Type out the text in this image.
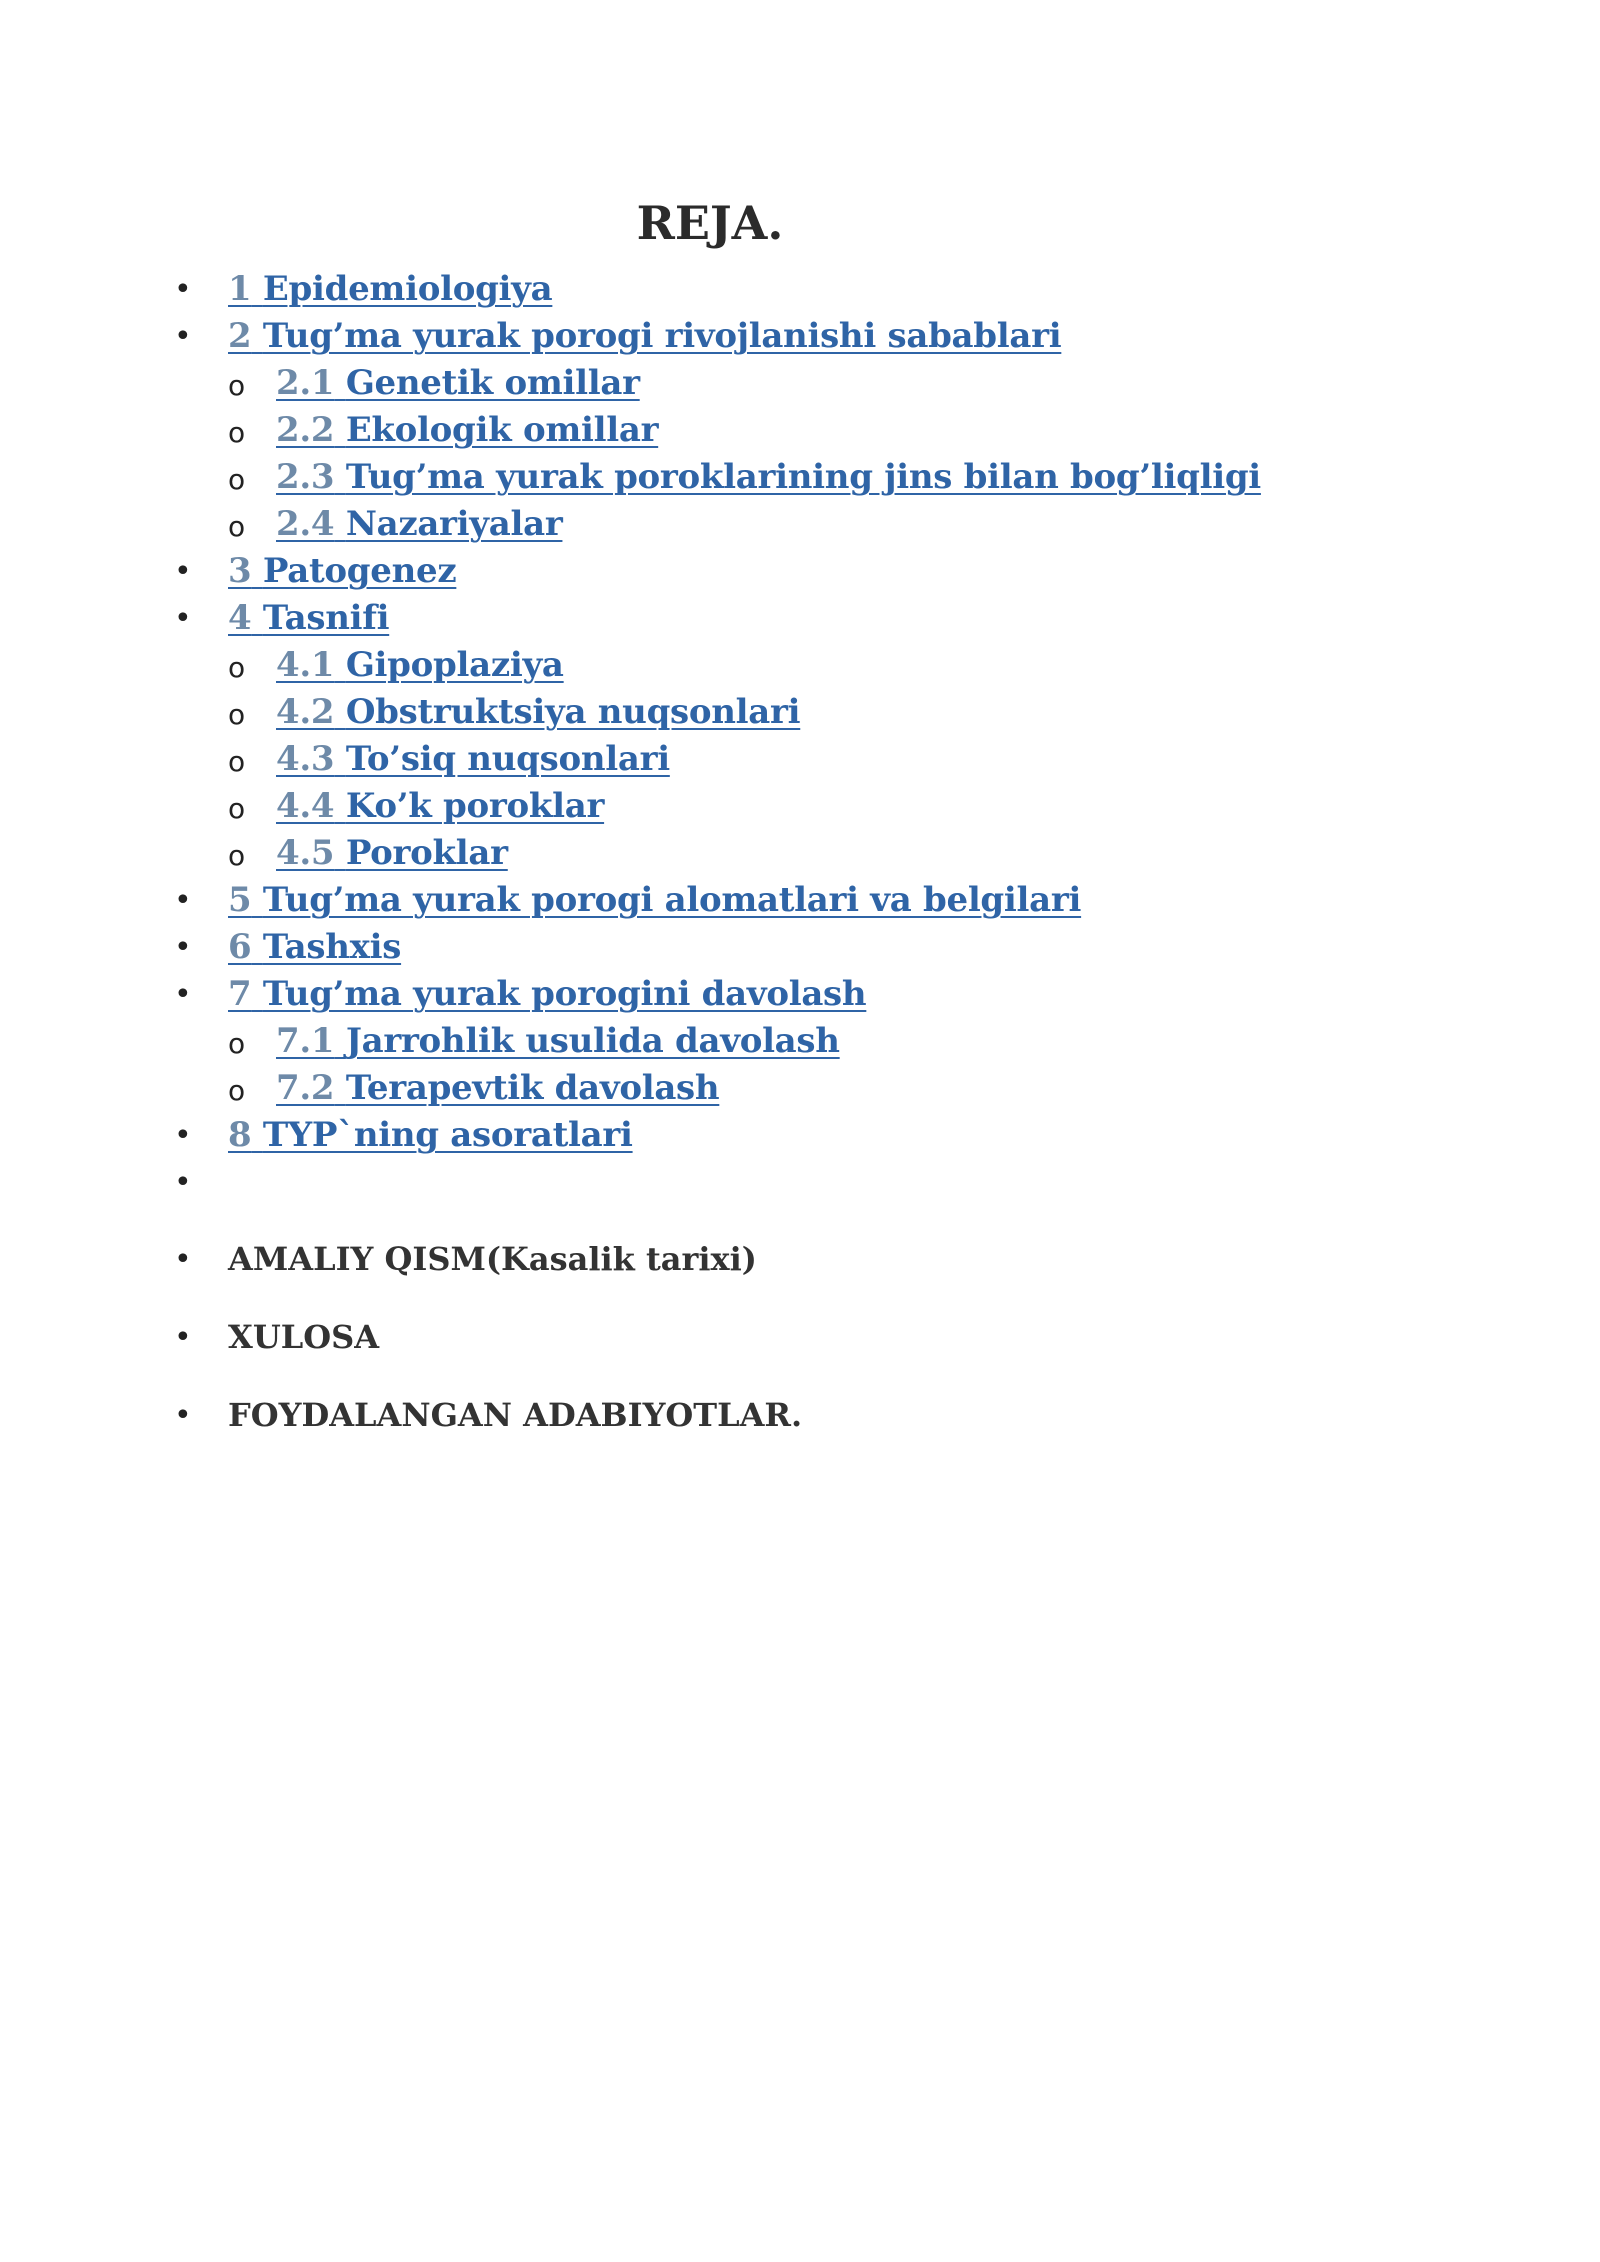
REJA.
• 1 Epidemiologiya
• 2 Tug’ma yurak porogi rivojlanishi sabablari
o 2.1 Genetik omillar
o 2.2 Ekologik omillar
o 2.3 Tug’ma yurak poroklarining jins bilan bog’liqligi
o 2.4 Nazariyalar
• 3 Patogenez
• 4 Tasnifi
o 4.1 Gipoplaziya
o 4.2 Obstruktsiya nuqsonlari
o 4.3 To’siq nuqsonlari
o 4.4 Ko’k poroklar
o 4.5 Poroklar
• 5 Tug’ma yurak porogi alomatlari va belgilari
• 6 Tashxis
• 7 Tug’ma yurak porogini davolash
o 7.1 Jarrohlik usulida davolash
o 7.2 Terapevtik davolash
• 8 TYP`ning asoratlari
•
• AMALIY QISM(Kasalik tarixi)
• XULOSA
• FOYDALANGAN ADABIYOTLAR.
